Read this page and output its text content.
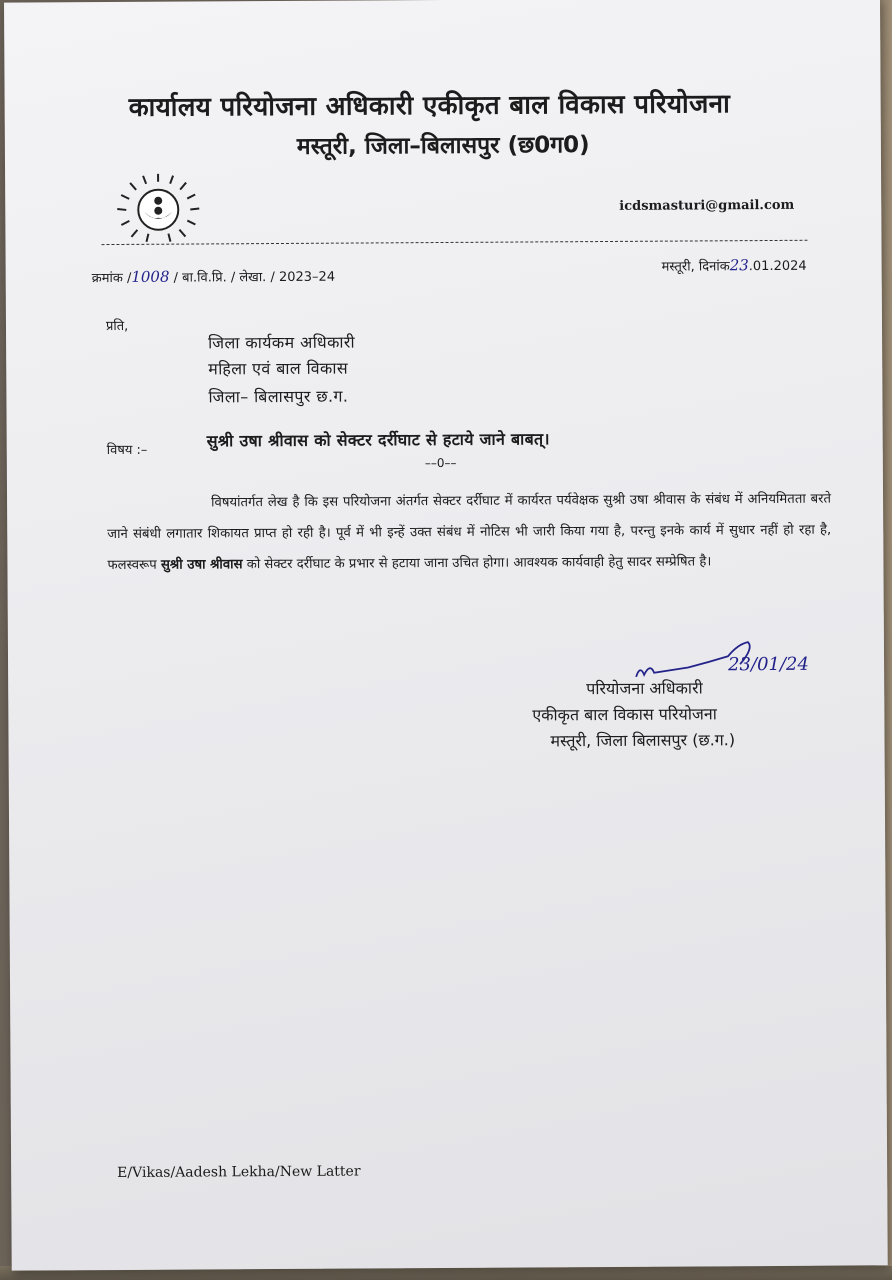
कार्यालय परियोजना अधिकारी एकीकृत बाल विकास परियोजना
मस्तूरी, जिला–बिलासपुर (छ0ग0)
icdsmasturi@gmail.com
क्रमांक /1008 / बा.वि.प्रि. / लेखा. / 2023–24
मस्तूरी, दिनांक23.01.2024
प्रति,
जिला कार्यकम अधिकारी
महिला एवं बाल विकास
जिला– बिलासपुर छ.ग.
विषय :–	सुश्री उषा श्रीवास को सेक्टर दर्रीघाट से हटाये जाने बाबत्।
––0––
विषयांतर्गत लेख है कि इस परियोजना अंतर्गत सेक्टर दर्रीघाट में कार्यरत पर्यवेक्षक सुश्री उषा श्रीवास के संबंध में अनियमितता बरते जाने संबंधी लगातार शिकायत प्राप्त हो रही है। पूर्व में भी इन्हें उक्त संबंध में नोटिस भी जारी किया गया है, परन्तु इनके कार्य में सुधार नहीं हो रहा है, फलस्वरूप सुश्री उषा श्रीवास को सेक्टर दर्रीघाट के प्रभार से हटाया जाना उचित होगा। आवश्यक कार्यवाही हेतु सादर सम्प्रेषित है।
23/01/24
परियोजना अधिकारी
एकीकृत बाल विकास परियोजना
मस्तूरी, जिला बिलासपुर (छ.ग.)
E/Vikas/Aadesh Lekha/New Latter
